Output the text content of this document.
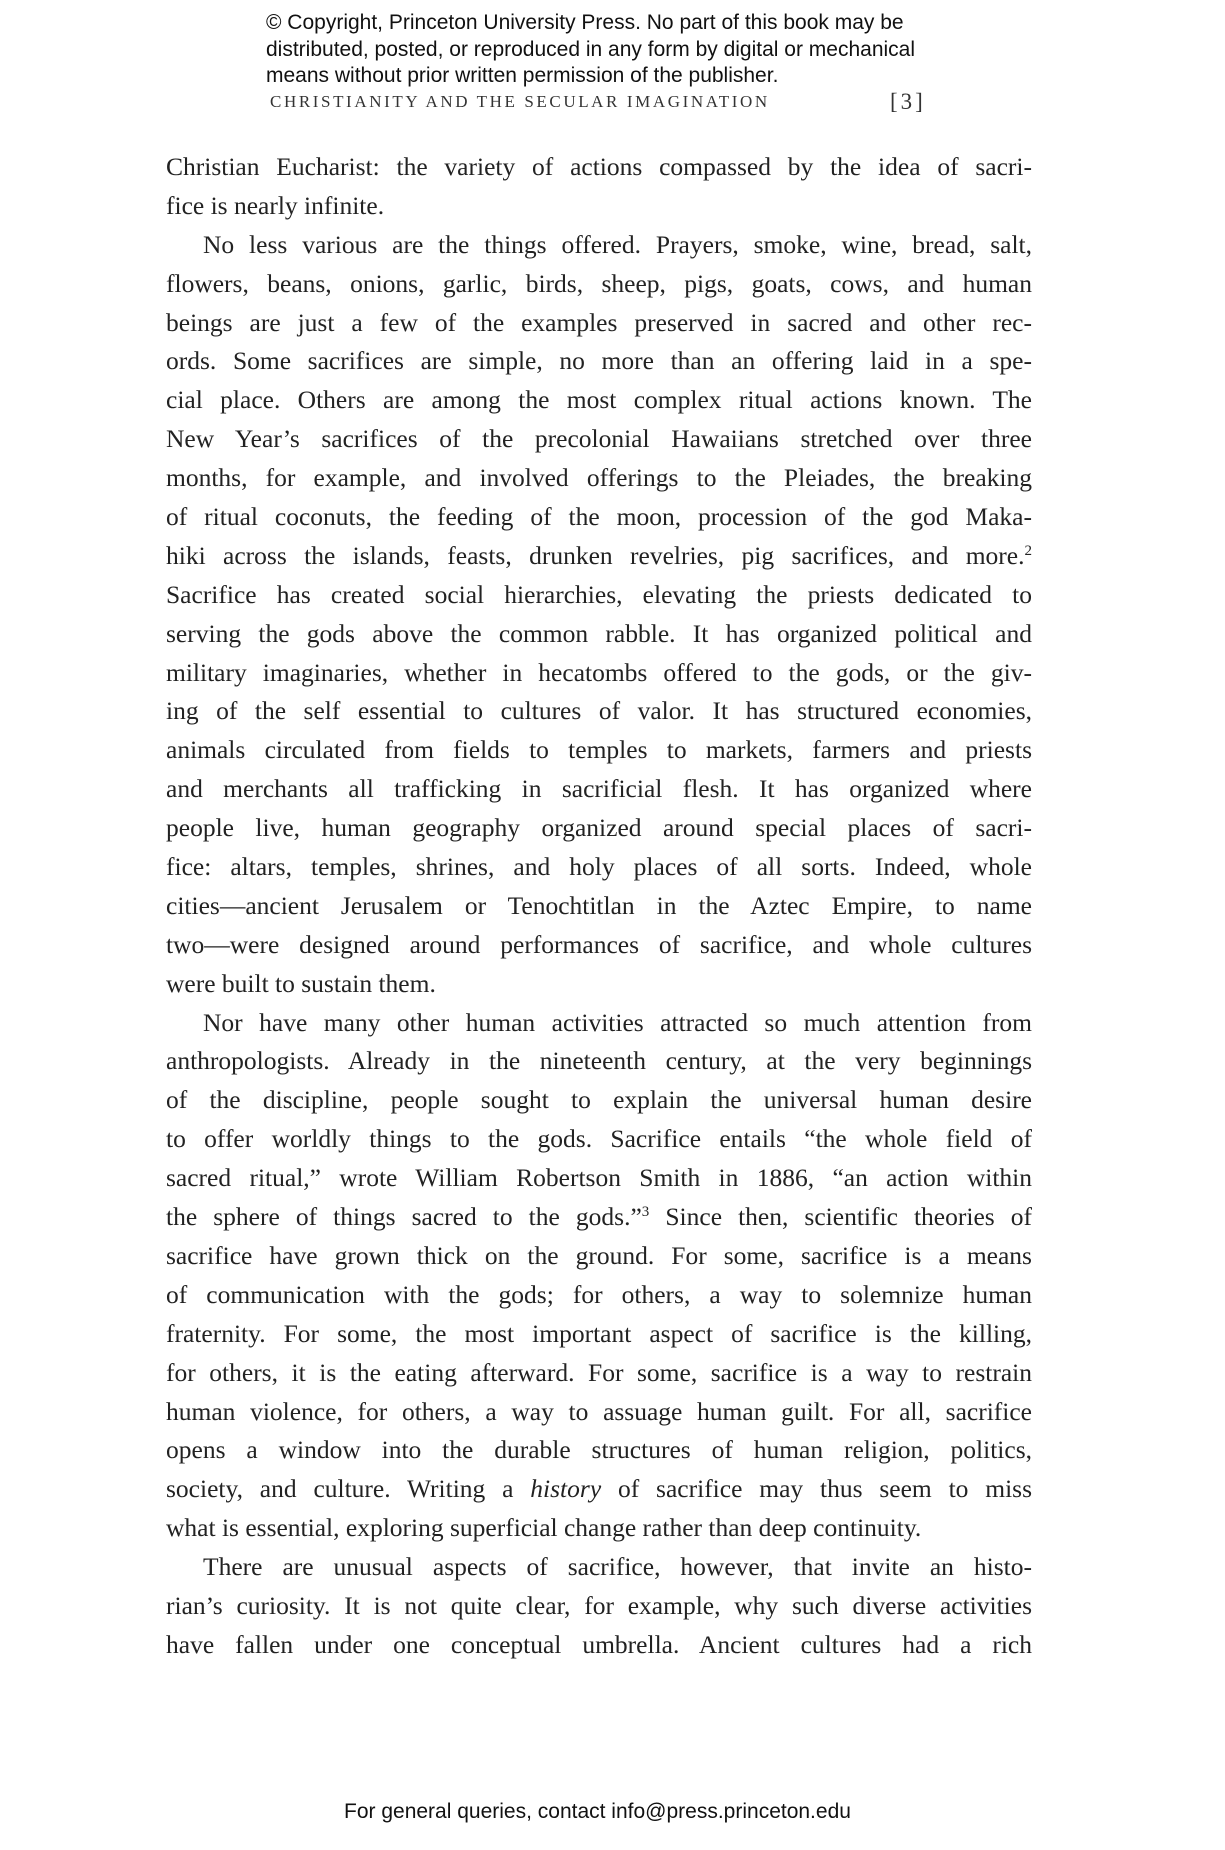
© Copyright, Princeton University Press. No part of this book may be
distributed, posted, or reproduced in any form by digital or mechanical
means without prior written permission of the publisher.
CHRISTIANITY AND THE SECULAR IMAGINATION	[3]
Christian Eucharist: the variety of actions compassed by the idea of sacri-
fice is nearly infinite.
No less various are the things offered. Prayers, smoke, wine, bread, salt,
flowers, beans, onions, garlic, birds, sheep, pigs, goats, cows, and human
beings are just a few of the examples preserved in sacred and other rec-
ords. Some sacrifices are simple, no more than an offering laid in a spe-
cial place. Others are among the most complex ritual actions known. The
New Year’s sacrifices of the precolonial Hawaiians stretched over three
months, for example, and involved offerings to the Pleiades, the breaking
of ritual coconuts, the feeding of the moon, procession of the god Maka-
hiki across the islands, feasts, drunken revelries, pig sacrifices, and more.$^2$
Sacrifice has created social hierarchies, elevating the priests dedicated to
serving the gods above the common rabble. It has organized political and
military imaginaries, whether in hecatombs offered to the gods, or the giv-
ing of the self essential to cultures of valor. It has structured economies,
animals circulated from fields to temples to markets, farmers and priests
and merchants all trafficking in sacrificial flesh. It has organized where
people live, human geography organized around special places of sacri-
fice: altars, temples, shrines, and holy places of all sorts. Indeed, whole
cities—ancient Jerusalem or Tenochtitlan in the Aztec Empire, to name
two—were designed around performances of sacrifice, and whole cultures
were built to sustain them.
Nor have many other human activities attracted so much attention from
anthropologists. Already in the nineteenth century, at the very beginnings
of the discipline, people sought to explain the universal human desire
to offer worldly things to the gods. Sacrifice entails “the whole field of
sacred ritual,” wrote William Robertson Smith in 1886, “an action within
the sphere of things sacred to the gods.”$^3$ Since then, scientific theories of
sacrifice have grown thick on the ground. For some, sacrifice is a means
of communication with the gods; for others, a way to solemnize human
fraternity. For some, the most important aspect of sacrifice is the killing,
for others, it is the eating afterward. For some, sacrifice is a way to restrain
human violence, for others, a way to assuage human guilt. For all, sacrifice
opens a window into the durable structures of human religion, politics,
society, and culture. Writing a history of sacrifice may thus seem to miss
what is essential, exploring superficial change rather than deep continuity.
There are unusual aspects of sacrifice, however, that invite an histo-
rian’s curiosity. It is not quite clear, for example, why such diverse activities
have fallen under one conceptual umbrella. Ancient cultures had a rich
For general queries, contact info@press.princeton.edu
